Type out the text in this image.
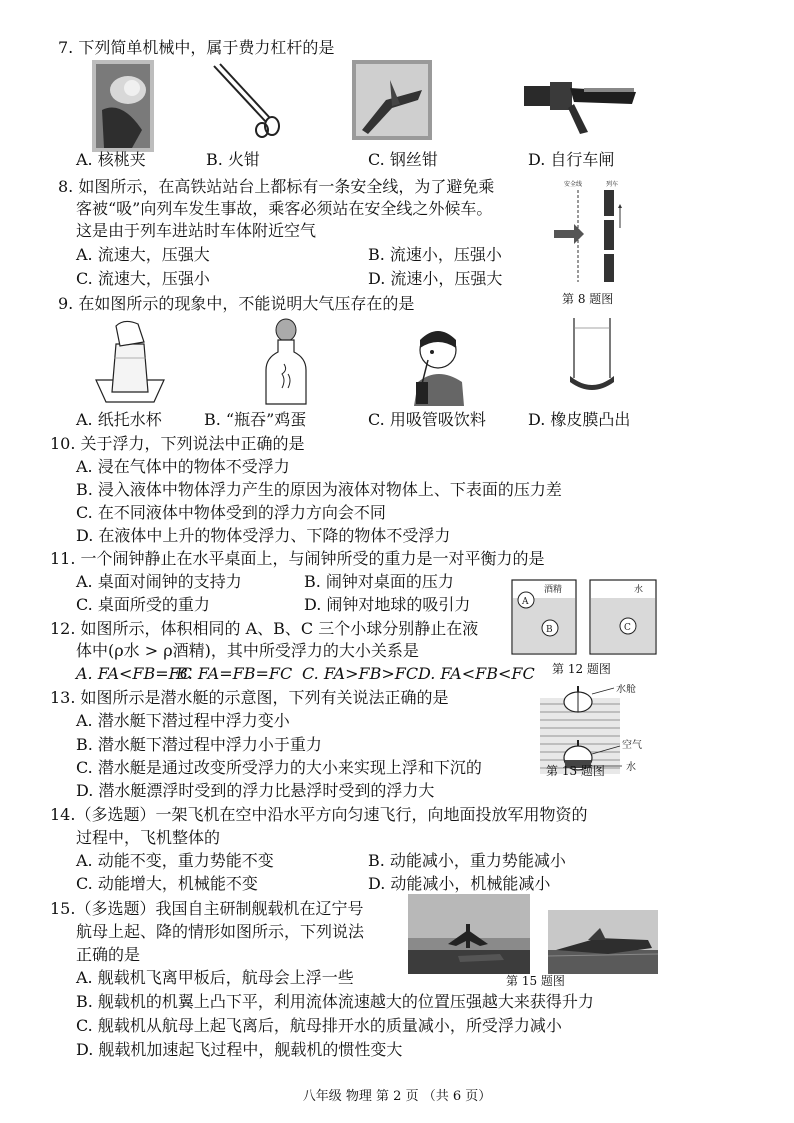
7. 下列简单机械中，属于费力杠杆的是
A. 核桃夹	B. 火钳	C. 钢丝钳	D. 自行车闸
8. 如图所示，在高铁站站台上都标有一条安全线，为了避免乘
客被“吸”向列车发生事故，乘客必须站在安全线之外候车。
这是由于列车进站时车体附近空气
A. 流速大，压强大	B. 流速小，压强小
C. 流速大，压强小	D. 流速小，压强大
安全线	列车
第 8 题图
9. 在如图所示的现象中，不能说明大气压存在的是
A. 纸托水杯	B. “瓶吞”鸡蛋	C. 用吸管吸饮料	D. 橡皮膜凸出
10. 关于浮力，下列说法中正确的是
A. 浸在气体中的物体不受浮力
B. 浸入液体中物体浮力产生的原因为液体对物体上、下表面的压力差
C. 在不同液体中物体受到的浮力方向会不同
D. 在液体中上升的物体受浮力、下降的物体不受浮力
11. 一个闹钟静止在水平桌面上，与闹钟所受的重力是一对平衡力的是
A. 桌面对闹钟的支持力	B. 闹钟对桌面的压力
C. 桌面所受的重力	D. 闹钟对地球的吸引力
12. 如图所示，体积相同的 A、B、C 三个小球分别静止在液
体中(ρ水 > ρ酒精)，其中所受浮力的大小关系是
A. FA<FB=FC
B. FA=FB=FC C. FA>FB>FC D. FA<FB<FC
酒精
A
B
水
C
第 12 题图
13. 如图所示是潜水艇的示意图，下列有关说法正确的是
A. 潜水艇下潜过程中浮力变小
B. 潜水艇下潜过程中浮力小于重力
C. 潜水艇是通过改变所受浮力的大小来实现上浮和下沉的
D. 潜水艇漂浮时受到的浮力比悬浮时受到的浮力大
水舱
空气
水
第 13 题图
14.（多选题）一架飞机在空中沿水平方向匀速飞行，向地面投放军用物资的
过程中，飞机整体的
A. 动能不变，重力势能不变	B. 动能减小，重力势能减小
C. 动能增大，机械能不变	D. 动能减小，机械能减小
15.（多选题）我国自主研制舰载机在辽宁号
航母上起、降的情形如图所示，下列说法
正确的是
A. 舰载机飞离甲板后，航母会上浮一些
B. 舰载机的机翼上凸下平，利用流体流速越大的位置压强越大来获得升力
C. 舰载机从航母上起飞离后，航母排开水的质量减小，所受浮力减小
D. 舰载机加速起飞过程中，舰载机的惯性变大
第 15 题图
八年级 物理 第 2 页 （共 6 页）
